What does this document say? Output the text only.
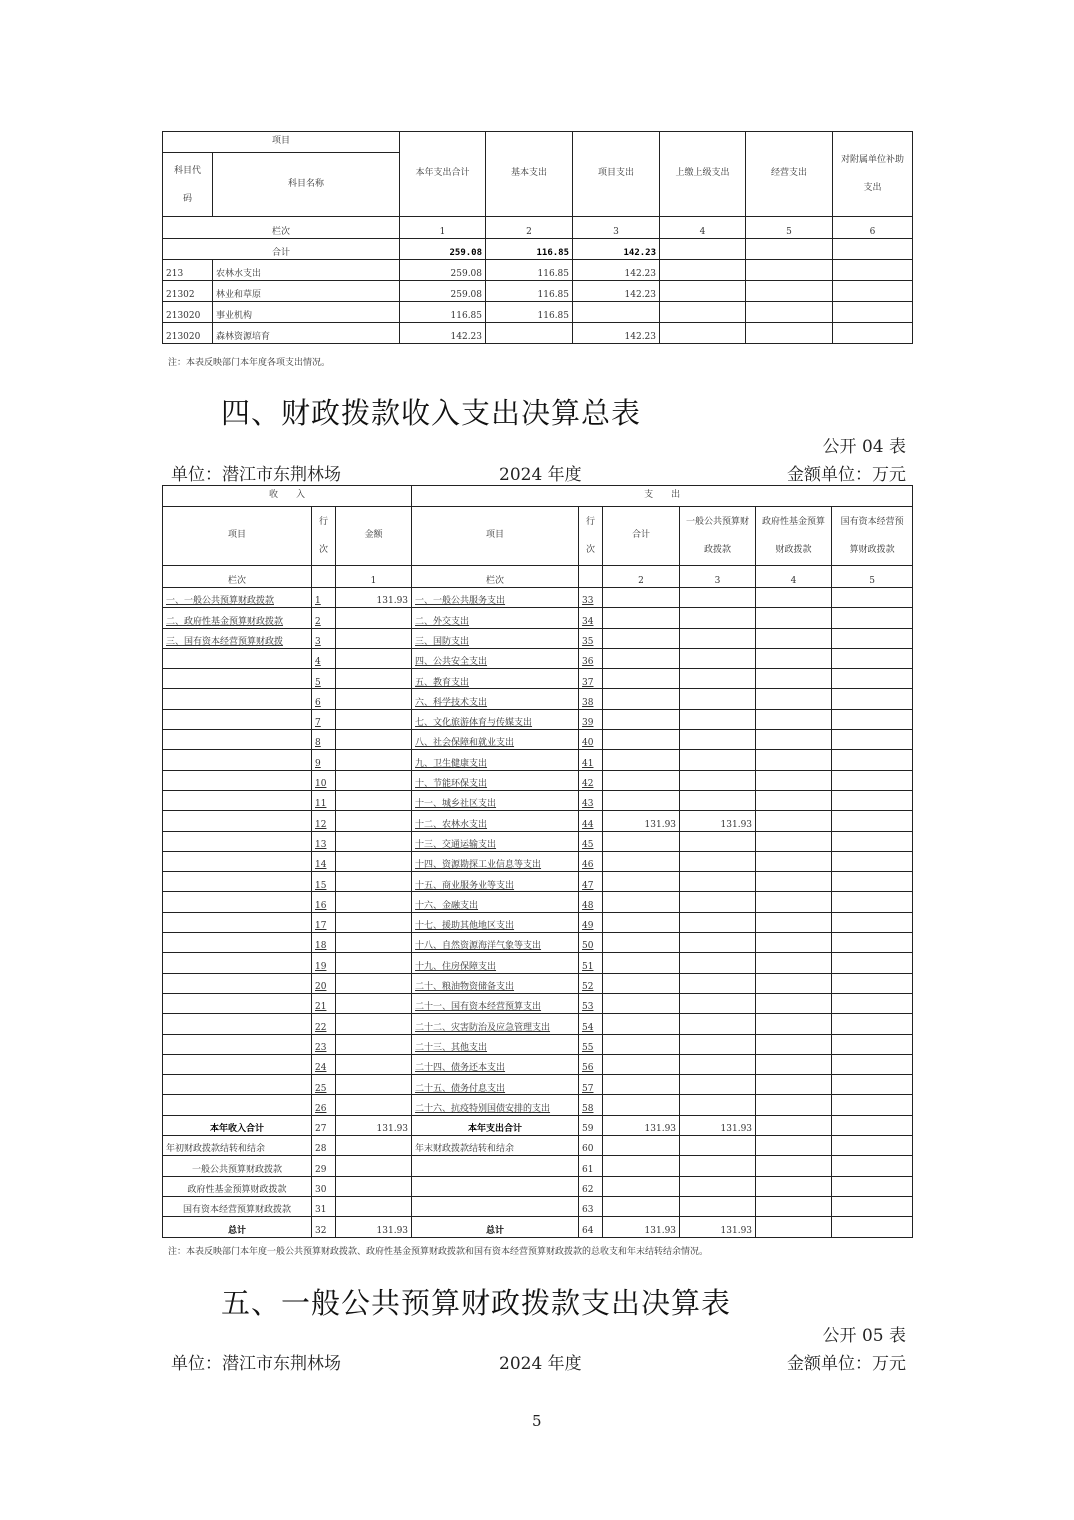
项目		本年支出合计	基本支出	项目支出	上缴上级支出	经营支出	对附属单位补助支出
科目代码	科目名称						
栏次		1	2	3	4	5	6
合计		259.08	116.85	142.23			
213	农林水支出	259.08	116.85	142.23			
21302	林业和草原	259.08	116.85	142.23			
213020	事业机构	116.85	116.85				
213020	森林资源培育	142.23		142.23			
注：本表反映部门本年度各项支出情况。
四、财政拨款收入支出决算总表
公开 04 表
单位：潜江市东荆林场	2024 年度	金额单位：万元
收　　入			支　　出					
项目	行次	金额	项目	行次	合计	一般公共预算财政拨款	政府性基金预算财政拨款	国有资本经营预算财政拨款
栏次		1	栏次		2	3	4	5
一、一般公共预算财政拨款	1	131.93	一、一般公共服务支出	33				
二、政府性基金预算财政拨款	2		二、外交支出	34				
三、国有资本经营预算财政拨	3		三、国防支出	35				
	4		四、公共安全支出	36				
	5		五、教育支出	37				
	6		六、科学技术支出	38				
	7		七、文化旅游体育与传媒支出	39				
	8		八、社会保障和就业支出	40				
	9		九、卫生健康支出	41				
	10		十、节能环保支出	42				
	11		十一、城乡社区支出	43				
	12		十二、农林水支出	44	131.93	131.93		
	13		十三、交通运输支出	45				
	14		十四、资源勘探工业信息等支出	46				
	15		十五、商业服务业等支出	47				
	16		十六、金融支出	48				
	17		十七、援助其他地区支出	49				
	18		十八、自然资源海洋气象等支出	50				
	19		十九、住房保障支出	51				
	20		二十、粮油物资储备支出	52				
	21		二十一、国有资本经营预算支出	53				
	22		二十二、灾害防治及应急管理支出	54				
	23		二十三、其他支出	55				
	24		二十四、债务还本支出	56				
	25		二十五、债务付息支出	57				
	26		二十六、抗疫特别国债安排的支出	58				
本年收入合计	27	131.93	本年支出合计	59	131.93	131.93		
年初财政拨款结转和结余	28		年末财政拨款结转和结余	60				
一般公共预算财政拨款	29			61				
政府性基金预算财政拨款	30			62				
国有资本经营预算财政拨款	31			63				
总计	32	131.93	总计	64	131.93	131.93		
注：本表反映部门本年度一般公共预算财政拨款、政府性基金预算财政拨款和国有资本经营预算财政拨款的总收支和年末结转结余情况。
五、一般公共预算财政拨款支出决算表
公开 05 表
单位：潜江市东荆林场	2024 年度	金额单位：万元
5
